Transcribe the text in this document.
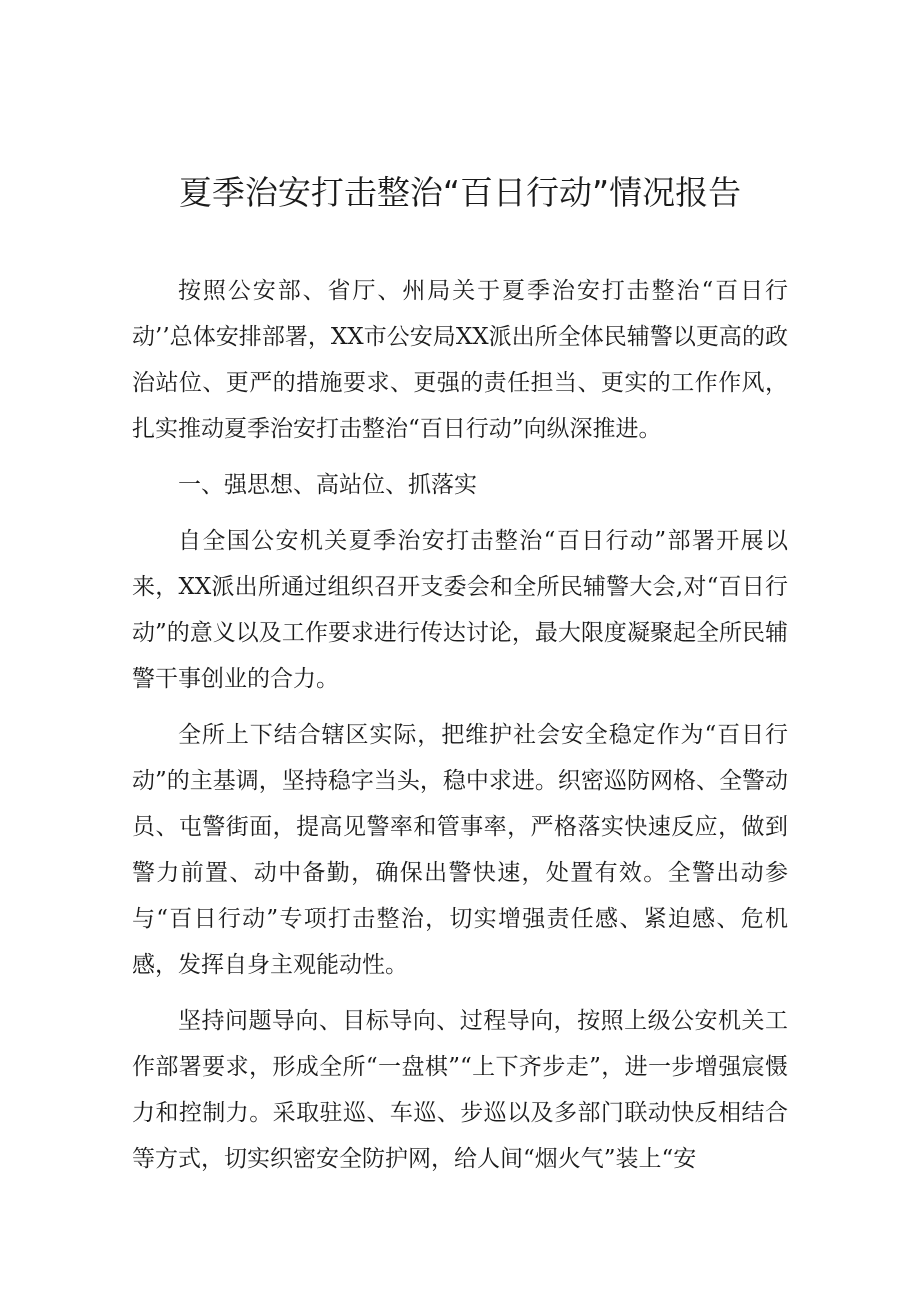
夏季治安打击整治“百日行动”情况报告

按照公安部、省厅、州局关于夏季治安打击整治“百日行动’’总体安排部署，XX市公安局XX派出所全体民辅警以更高的政治站位、更严的措施要求、更强的责任担当、更实的工作作风，扎实推动夏季治安打击整治“百日行动”向纵深推进。

一、强思想、高站位、抓落实

自全国公安机关夏季治安打击整治“百日行动”部署开展以来，XX派出所通过组织召开支委会和全所民辅警大会,对“百日行动”的意义以及工作要求进行传达讨论，最大限度凝聚起全所民辅警干事创业的合力。

全所上下结合辖区实际，把维护社会安全稳定作为“百日行动”的主基调，坚持稳字当头，稳中求进。织密巡防网格、全警动员、屯警街面，提高见警率和管事率，严格落实快速反应，做到警力前置、动中备勤，确保出警快速，处置有效。全警出动参与“百日行动”专项打击整治，切实增强责任感、紧迫感、危机感，发挥自身主观能动性。

坚持问题导向、目标导向、过程导向，按照上级公安机关工作部署要求，形成全所“一盘棋”“上下齐步走”，进一步增强宸慑力和控制力。采取驻巡、车巡、步巡以及多部门联动快反相结合等方式，切实织密安全防护网，给人间“烟火气”装上“安
